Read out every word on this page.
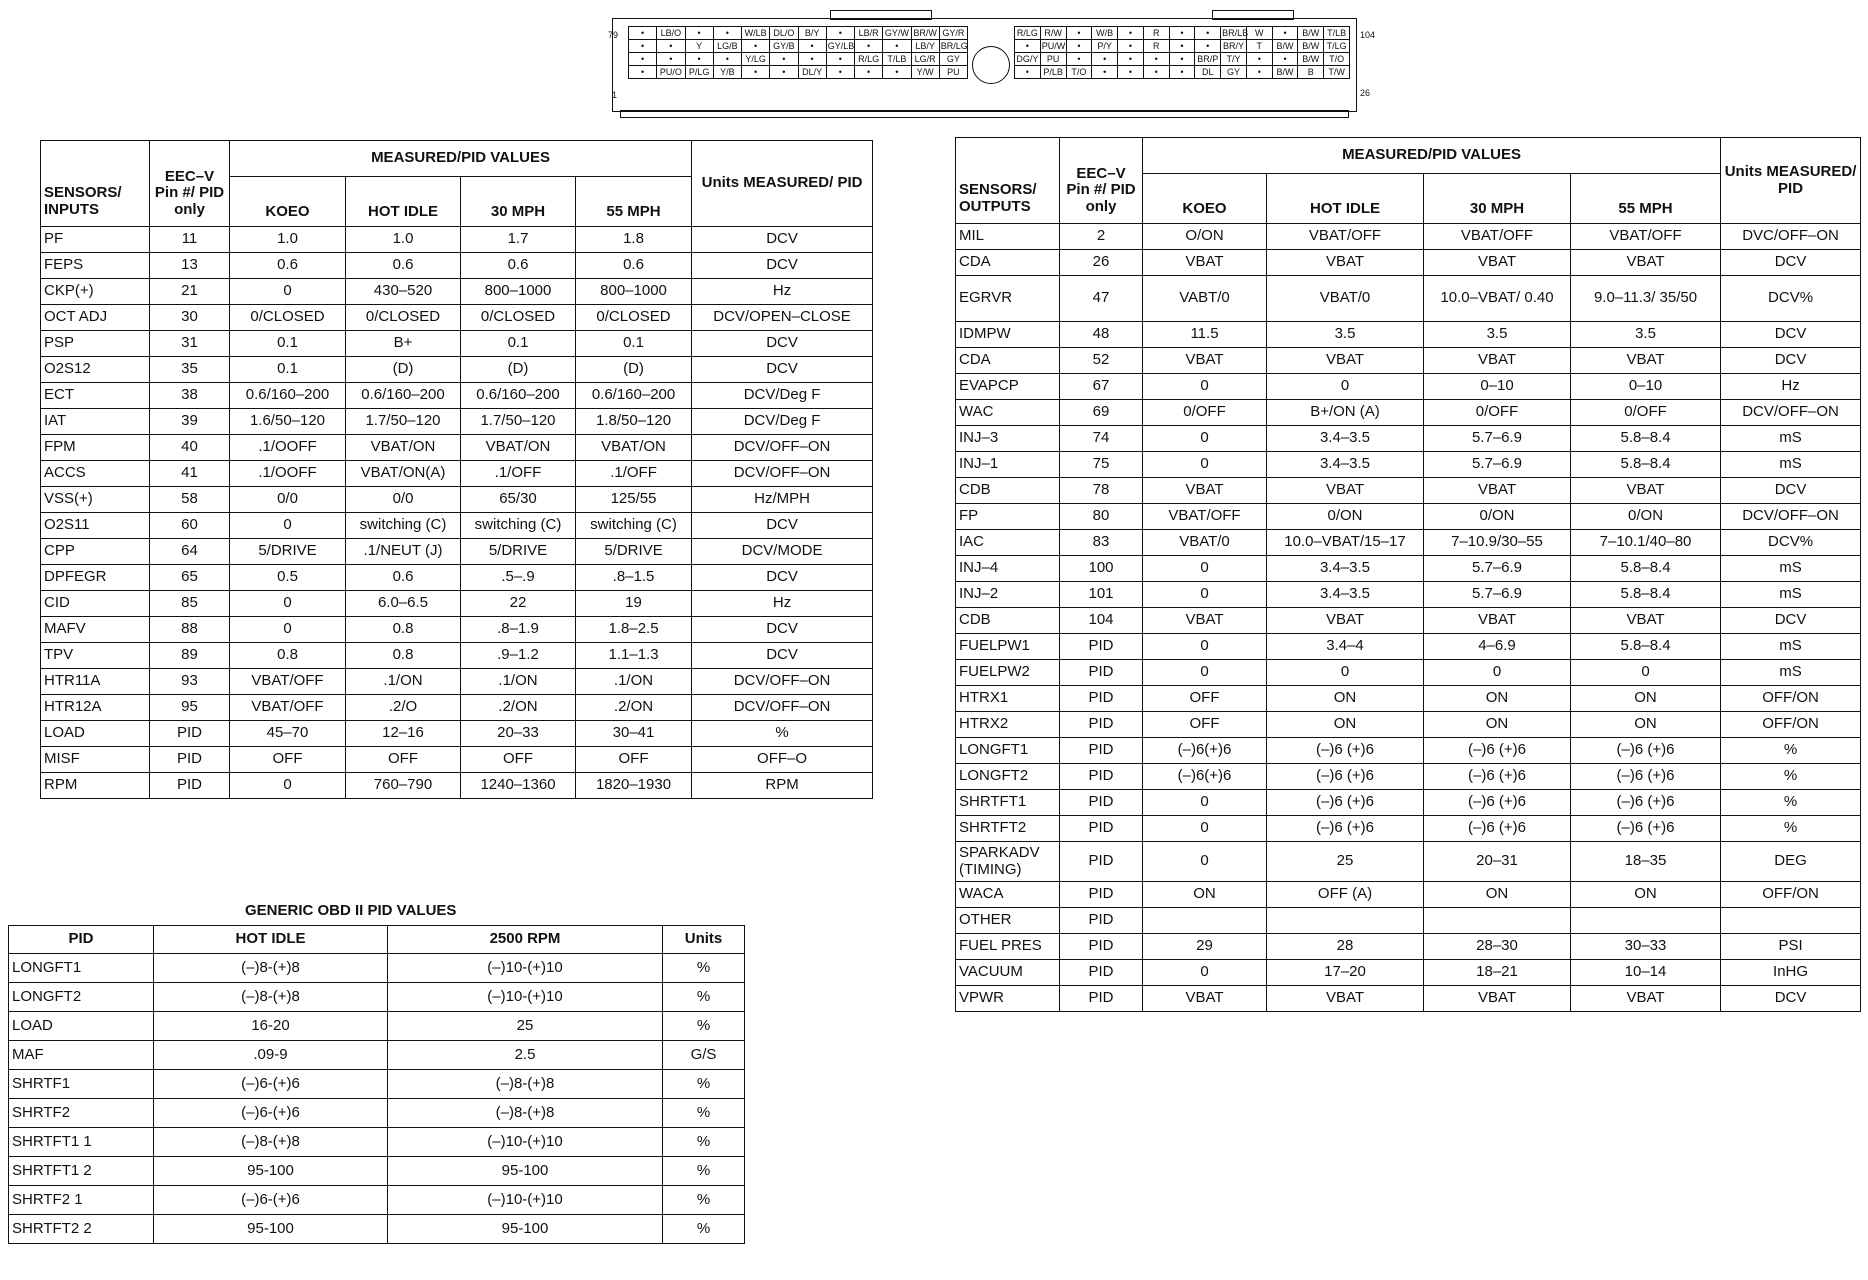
79
1
104
26
•	LB/O	•	•	W/LB	DL/O	B/Y	•	LB/R	GY/W	BR/W	GY/R
•	•	Y	LG/B	•	GY/B	•	GY/LB	•	•	LB/Y	BR/LG
•	•	•	•	Y/LG	•	•	•	R/LG	T/LB	LG/R	GY
•	PU/O	P/LG	Y/B	•	•	DL/Y	•	•	•	Y/W	PU
R/LG	R/W	•	W/B	•	R	•	•	BR/LB	W	•	B/W	T/LB
•	PU/W	•	P/Y	•	R	•	•	BR/Y	T	B/W	B/W	T/LG
DG/Y	PU	•	•	•	•	•	BR/P	T/Y	•	•	B/W	T/O
•	P/LB	T/O	•	•	•	•	DL	GY	•	B/W	B	T/W
SENSORS/ INPUTS	EEC–V Pin #/ PID only	MEASURED/PID VALUES				Units MEASURED/ PID
		KOEO	HOT IDLE	30 MPH	55 MPH	
PF	11	1.0	1.0	1.7	1.8	DCV
FEPS	13	0.6	0.6	0.6	0.6	DCV
CKP(+)	21	0	430–520	800–1000	800–1000	Hz
OCT ADJ	30	0/CLOSED	0/CLOSED	0/CLOSED	0/CLOSED	DCV/OPEN–CLOSE
PSP	31	0.1	B+	0.1	0.1	DCV
O2S12	35	0.1	(D)	(D)	(D)	DCV
ECT	38	0.6/160–200	0.6/160–200	0.6/160–200	0.6/160–200	DCV/Deg F
IAT	39	1.6/50–120	1.7/50–120	1.7/50–120	1.8/50–120	DCV/Deg F
FPM	40	.1/OOFF	VBAT/ON	VBAT/ON	VBAT/ON	DCV/OFF–ON
ACCS	41	.1/OOFF	VBAT/ON(A)	.1/OFF	.1/OFF	DCV/OFF–ON
VSS(+)	58	0/0	0/0	65/30	125/55	Hz/MPH
O2S11	60	0	switching (C)	switching (C)	switching (C)	DCV
CPP	64	5/DRIVE	.1/NEUT (J)	5/DRIVE	5/DRIVE	DCV/MODE
DPFEGR	65	0.5	0.6	.5–.9	.8–1.5	DCV
CID	85	0	6.0–6.5	22	19	Hz
MAFV	88	0	0.8	.8–1.9	1.8–2.5	DCV
TPV	89	0.8	0.8	.9–1.2	1.1–1.3	DCV
HTR11A	93	VBAT/OFF	.1/ON	.1/ON	.1/ON	DCV/OFF–ON
HTR12A	95	VBAT/OFF	.2/O	.2/ON	.2/ON	DCV/OFF–ON
LOAD	PID	45–70	12–16	20–33	30–41	%
MISF	PID	OFF	OFF	OFF	OFF	OFF–O
RPM	PID	0	760–790	1240–1360	1820–1930	RPM
GENERIC OBD II PID VALUES
PID	HOT IDLE	2500 RPM	Units
LONGFT1	(–)8-(+)8	(–)10-(+)10	%
LONGFT2	(–)8-(+)8	(–)10-(+)10	%
LOAD	16-20	25	%
MAF	.09-9	2.5	G/S
SHRTF1	(–)6-(+)6	(–)8-(+)8	%
SHRTF2	(–)6-(+)6	(–)8-(+)8	%
SHRTFT1 1	(–)8-(+)8	(–)10-(+)10	%
SHRTFT1 2	95-100	95-100	%
SHRTF2 1	(–)6-(+)6	(–)10-(+)10	%
SHRTFT2 2	95-100	95-100	%
SENSORS/ OUTPUTS	EEC–V Pin #/ PID only	MEASURED/PID VALUES				Units MEASURED/ PID
		KOEO	HOT IDLE	30 MPH	55 MPH	
MIL	2	O/ON	VBAT/OFF	VBAT/OFF	VBAT/OFF	DVC/OFF–ON
CDA	26	VBAT	VBAT	VBAT	VBAT	DCV
EGRVR	47	VABT/0	VBAT/0	10.0–VBAT/ 0.40	9.0–11.3/ 35/50	DCV%
IDMPW	48	11.5	3.5	3.5	3.5	DCV
CDA	52	VBAT	VBAT	VBAT	VBAT	DCV
EVAPCP	67	0	0	0–10	0–10	Hz
WAC	69	0/OFF	B+/ON (A)	0/OFF	0/OFF	DCV/OFF–ON
INJ–3	74	0	3.4–3.5	5.7–6.9	5.8–8.4	mS
INJ–1	75	0	3.4–3.5	5.7–6.9	5.8–8.4	mS
CDB	78	VBAT	VBAT	VBAT	VBAT	DCV
FP	80	VBAT/OFF	0/ON	0/ON	0/ON	DCV/OFF–ON
IAC	83	VBAT/0	10.0–VBAT/15–17	7–10.9/30–55	7–10.1/40–80	DCV%
INJ–4	100	0	3.4–3.5	5.7–6.9	5.8–8.4	mS
INJ–2	101	0	3.4–3.5	5.7–6.9	5.8–8.4	mS
CDB	104	VBAT	VBAT	VBAT	VBAT	DCV
FUELPW1	PID	0	3.4–4	4–6.9	5.8–8.4	mS
FUELPW2	PID	0	0	0	0	mS
HTRX1	PID	OFF	ON	ON	ON	OFF/ON
HTRX2	PID	OFF	ON	ON	ON	OFF/ON
LONGFT1	PID	(–)6(+)6	(–)6 (+)6	(–)6 (+)6	(–)6 (+)6	%
LONGFT2	PID	(–)6(+)6	(–)6 (+)6	(–)6 (+)6	(–)6 (+)6	%
SHRTFT1	PID	0	(–)6 (+)6	(–)6 (+)6	(–)6 (+)6	%
SHRTFT2	PID	0	(–)6 (+)6	(–)6 (+)6	(–)6 (+)6	%
SPARKADV (TIMING)	PID	0	25	20–31	18–35	DEG
WACA	PID	ON	OFF (A)	ON	ON	OFF/ON
OTHER	PID					
FUEL PRES	PID	29	28	28–30	30–33	PSI
VACUUM	PID	0	17–20	18–21	10–14	InHG
VPWR	PID	VBAT	VBAT	VBAT	VBAT	DCV
